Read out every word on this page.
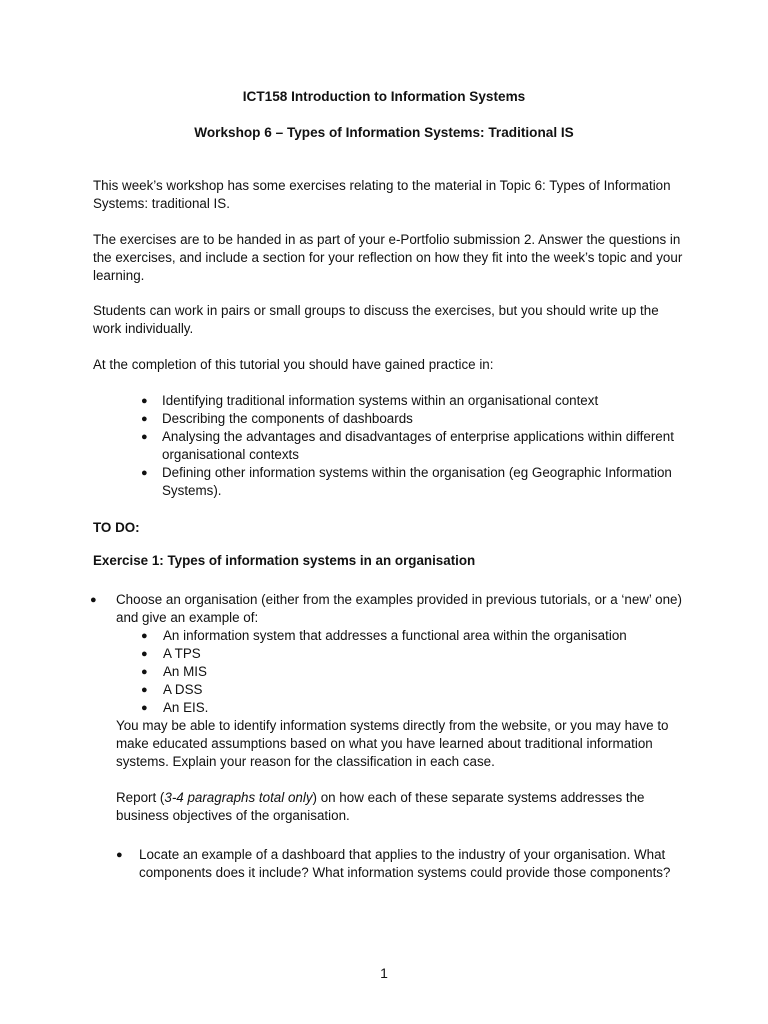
ICT158 Introduction to Information Systems
Workshop 6 – Types of Information Systems: Traditional IS

This week’s workshop has some exercises relating to the material in Topic 6: Types of Information Systems: traditional IS.

The exercises are to be handed in as part of your e-Portfolio submission 2. Answer the questions in the exercises, and include a section for your reflection on how they fit into the week’s topic and your learning.

Students can work in pairs or small groups to discuss the exercises, but you should write up the work individually.

At the completion of this tutorial you should have gained practice in:

● Identifying traditional information systems within an organisational context
● Describing the components of dashboards
● Analysing the advantages and disadvantages of enterprise applications within different organisational contexts
● Defining other information systems within the organisation (eg Geographic Information Systems).
TO DO:
Exercise 1: Types of information systems in an organisation
● Choose an organisation (either from the examples provided in previous tutorials, or a ‘new’ one) and give an example of:
● An information system that addresses a functional area within the organisation
● A TPS
● An MIS
● A DSS
● An EIS.

You may be able to identify information systems directly from the website, or you may have to make educated assumptions based on what you have learned about traditional information systems. Explain your reason for the classification in each case.

Report (3-4 paragraphs total only) on how each of these separate systems addresses the business objectives of the organisation.

● Locate an example of a dashboard that applies to the industry of your organisation. What components does it include? What information systems could provide those components?
1
